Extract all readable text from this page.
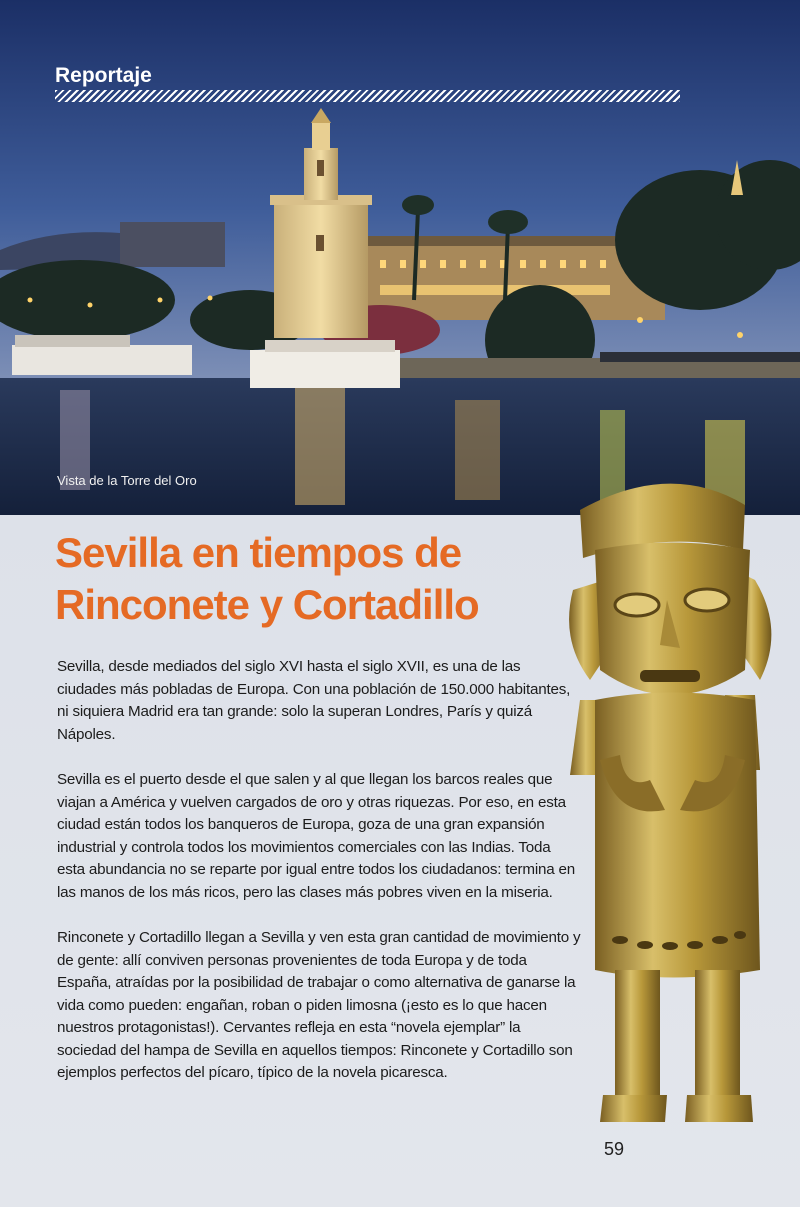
Reportaje
Vista de la Torre del Oro
Sevilla en tiempos de
Rinconete y Cortadillo

Sevilla, desde mediados del siglo XVI hasta el siglo XVII, es una de las ciudades más pobladas de Europa. Con una población de 150.000 habitantes, ni siquiera Madrid era tan grande: solo la superan Londres, París y quizá Nápoles.

Sevilla es el puerto desde el que salen y al que llegan los barcos reales que viajan a América y vuelven cargados de oro y otras riquezas. Por eso, en esta ciudad están todos los banqueros de Europa, goza de una gran expansión industrial y controla todos los movimientos comerciales con las Indias. Toda esta abundancia no se reparte por igual entre todos los ciudadanos: termina en las manos de los más ricos, pero las clases más pobres viven en la miseria.

Rinconete y Cortadillo llegan a Sevilla y ven esta gran cantidad de movimiento y de gente: allí conviven personas provenientes de toda Europa y de toda España, atraídas por la posibilidad de trabajar o como alternativa de ganarse la vida como pueden: engañan, roban o piden limosna (¡esto es lo que hacen nuestros protagonistas!). Cervantes refleja en esta “novela ejemplar” la sociedad del hampa de Sevilla en aquellos tiempos: Rinconete y Cortadillo son ejemplos perfectos del pícaro, típico de la novela picaresca.

59
